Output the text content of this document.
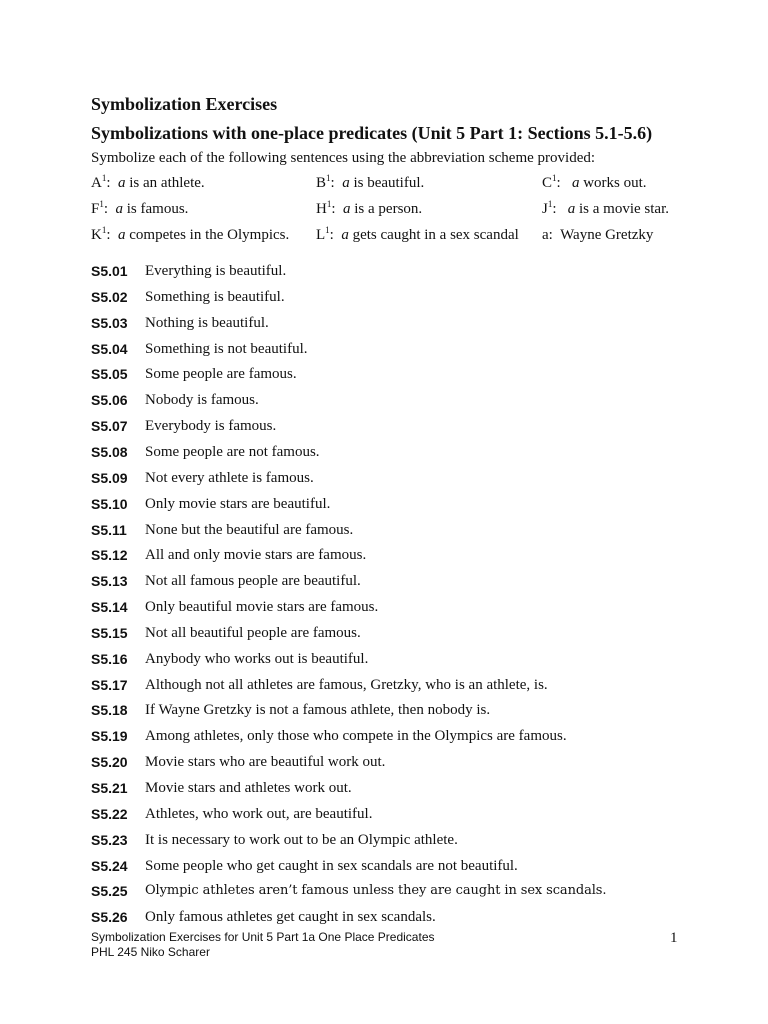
Symbolization Exercises
Symbolizations with one-place predicates (Unit 5 Part 1: Sections 5.1-5.6)
Symbolize each of the following sentences using the abbreviation scheme provided:
$A^1$:  a is an athlete.	$B^1$:  a is beautiful.	$C^1$:   a works out.
$F^1$:  a is famous.	$H^1$:  a is a person.	$J^1$:   a is a movie star.
$K^1$:  a competes in the Olympics. $L^1$:  a gets caught in a sex scandal a:  Wayne Gretzky
S5.01 Everything is beautiful.
S5.02 Something is beautiful.
S5.03 Nothing is beautiful.
S5.04 Something is not beautiful.
S5.05 Some people are famous.
S5.06 Nobody is famous.
S5.07 Everybody is famous.
S5.08 Some people are not famous.
S5.09 Not every athlete is famous.
S5.10 Only movie stars are beautiful.
S5.11 None but the beautiful are famous.
S5.12 All and only movie stars are famous.
S5.13 Not all famous people are beautiful.
S5.14 Only beautiful movie stars are famous.
S5.15 Not all beautiful people are famous.
S5.16 Anybody who works out is beautiful.
S5.17 Although not all athletes are famous, Gretzky, who is an athlete, is.
S5.18 If Wayne Gretzky is not a famous athlete, then nobody is.
S5.19 Among athletes, only those who compete in the Olympics are famous.
S5.20 Movie stars who are beautiful work out.
S5.21 Movie stars and athletes work out.
S5.22 Athletes, who work out, are beautiful.
S5.23 It is necessary to work out to be an Olympic athlete.
S5.24 Some people who get caught in sex scandals are not beautiful.
S5.25 Olympic athletes aren’t famous unless they are caught in sex scandals.
S5.26 Only famous athletes get caught in sex scandals.
Symbolization Exercises for Unit 5 Part 1a One Place Predicates
PHL 245 Niko Scharer
1
